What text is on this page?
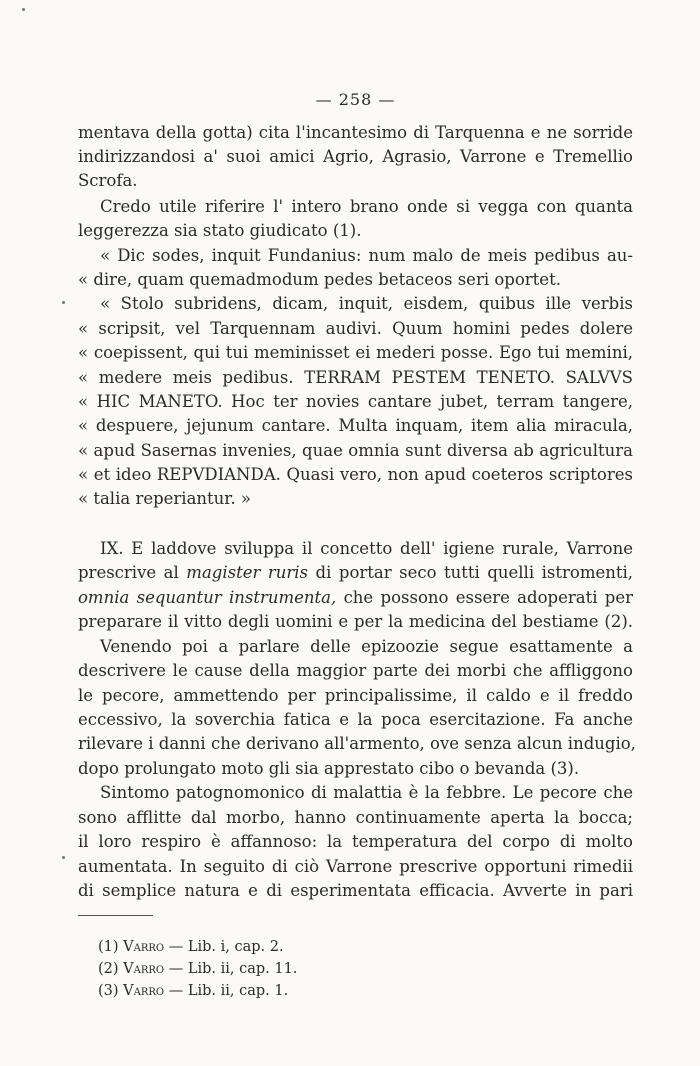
— 258 —
mentava della gotta) cita l'incantesimo di Tarquenna e ne sorride
indirizzandosi a' suoi amici Agrio, Agrasio, Varrone e Tremellio
Scrofa.
Credo utile riferire l' intero brano onde si vegga con quanta
leggerezza sia stato giudicato (1).
« Dic sodes, inquit Fundanius: num malo de meis pedibus au-
« dire, quam quemadmodum pedes betaceos seri oportet.
« Stolo subridens, dicam, inquit, eisdem, quibus ille verbis
« scripsit, vel Tarquennam audivi. Quum homini pedes dolere
« coepissent, qui tui meminisset ei mederi posse. Ego tui memini,
« medere meis pedibus. TERRAM PESTEM TENETO. SALVVS
« HIC MANETO. Hoc ter novies cantare jubet, terram tangere,
« despuere, jejunum cantare. Multa inquam, item alia miracula,
« apud Sasernas invenies, quae omnia sunt diversa ab agricultura
« et ideo REPVDIANDA. Quasi vero, non apud coeteros scriptores
« talia reperiantur. »
IX. E laddove sviluppa il concetto dell' igiene rurale, Varrone
prescrive al magister ruris di portar seco tutti quelli istromenti,
omnia sequantur instrumenta, che possono essere adoperati per
preparare il vitto degli uomini e per la medicina del bestiame (2).
Venendo poi a parlare delle epizoozie segue esattamente a
descrivere le cause della maggior parte dei morbi che affliggono
le pecore, ammettendo per principalissime, il caldo e il freddo
eccessivo, la soverchia fatica e la poca esercitazione. Fa anche
rilevare i danni che derivano all'armento, ove senza alcun indugio,
dopo prolungato moto gli sia apprestato cibo o bevanda (3).
Sintomo patognomonico di malattia è la febbre. Le pecore che
sono afflitte dal morbo, hanno continuamente aperta la bocca;
il loro respiro è affannoso: la temperatura del corpo di molto
aumentata. In seguito di ciò Varrone prescrive opportuni rimedii
di semplice natura e di esperimentata efficacia. Avverte in pari
(1) Varro — Lib. i, cap. 2.
(2) Varro — Lib. ii, cap. 11.
(3) Varro — Lib. ii, cap. 1.
